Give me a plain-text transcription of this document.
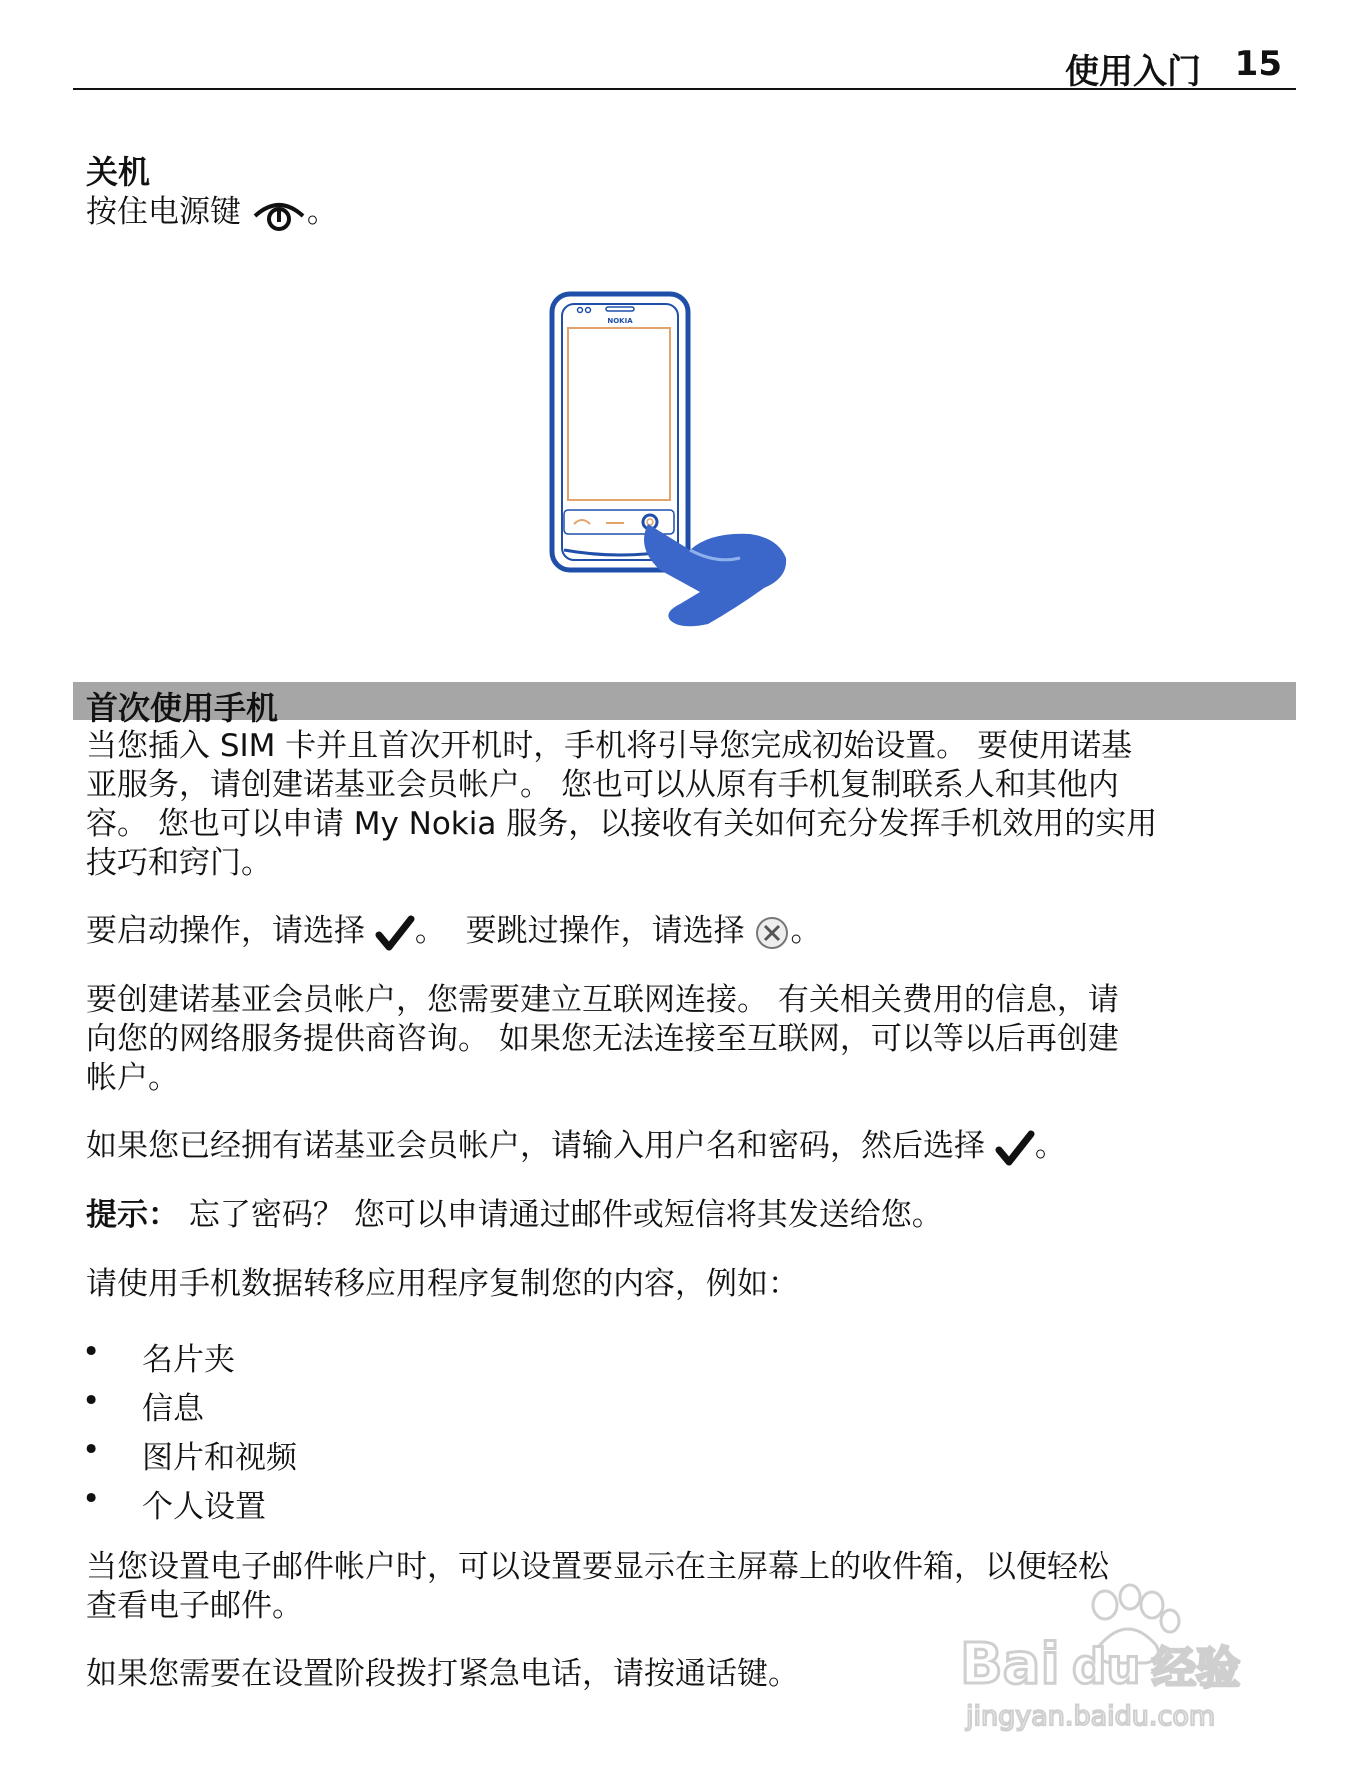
使用入门 15
关机
按住电源键 。
NOKIA
首次使用手机
当您插入 SIM 卡并且首次开机时，手机将引导您完成初始设置。 要使用诺基
亚服务，请创建诺基亚会员帐户。 您也可以从原有手机复制联系人和其他内
容。 您也可以申请 My Nokia 服务，以接收有关如何充分发挥手机效用的实用
技巧和窍门。
要启动操作，请选择 。 要跳过操作，请选择 。
要创建诺基亚会员帐户，您需要建立互联网连接。 有关相关费用的信息，请
向您的网络服务提供商咨询。 如果您无法连接至互联网，可以等以后再创建
帐户。
如果您已经拥有诺基亚会员帐户，请输入用户名和密码，然后选择 。
提示： 忘了密码？ 您可以申请通过邮件或短信将其发送给您。
请使用手机数据转移应用程序复制您的内容，例如：
• 名片夹
• 信息
• 图片和视频
• 个人设置
当您设置电子邮件帐户时，可以设置要显示在主屏幕上的收件箱，以便轻松
查看电子邮件。
如果您需要在设置阶段拨打紧急电话，请按通话键。	Bai du 经验
jingyan.baidu.com
